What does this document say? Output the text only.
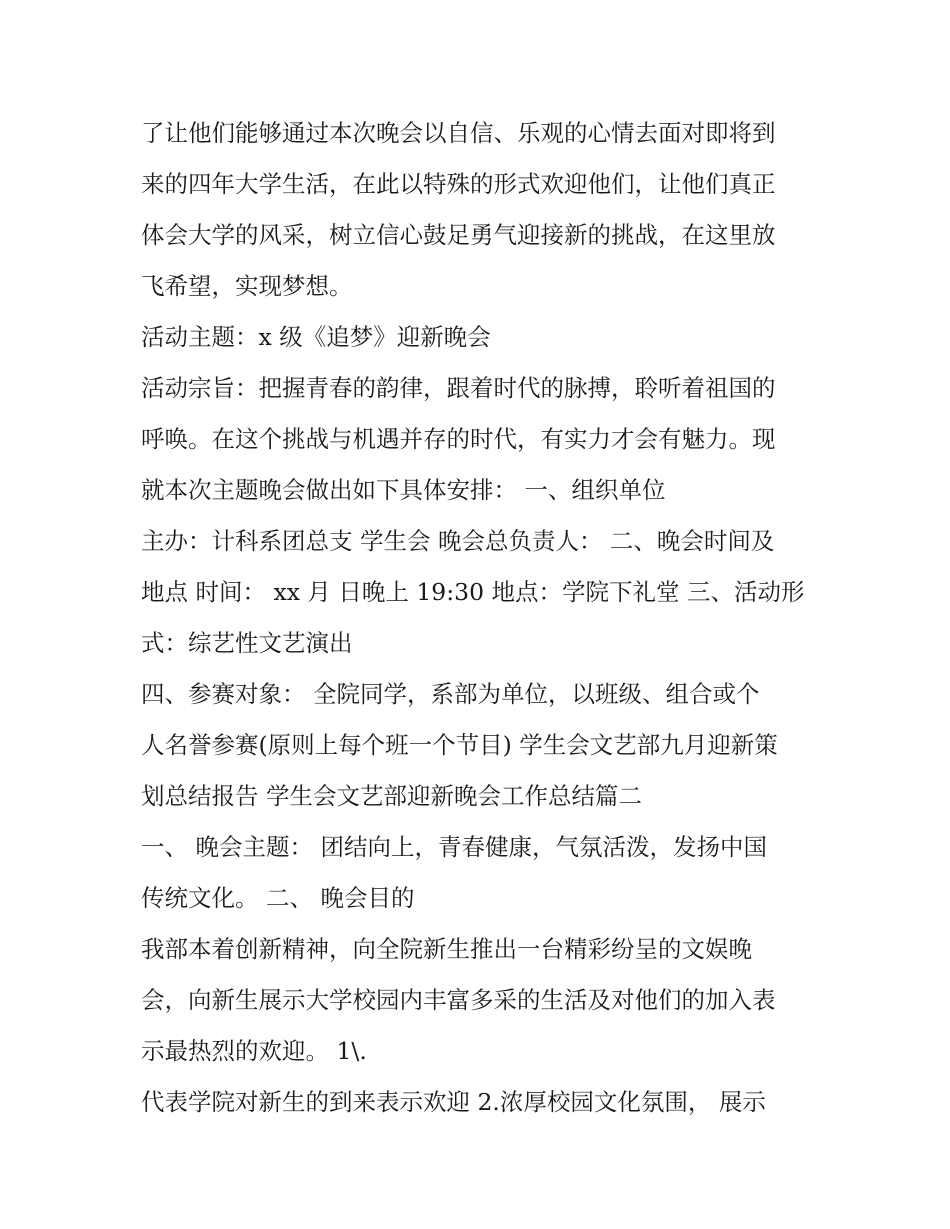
了让他们能够通过本次晚会以自信、乐观的心情去面对即将到
来的四年大学生活，在此以特殊的形式欢迎他们，让他们真正
体会大学的风采，树立信心鼓足勇气迎接新的挑战，在这里放
飞希望，实现梦想。
活动主题：x 级《追梦》迎新晚会
活动宗旨：把握青春的韵律，跟着时代的脉搏，聆听着祖国的
呼唤。在这个挑战与机遇并存的时代，有实力才会有魅力。现
就本次主题晚会做出如下具体安排： 一、组织单位
主办：计科系团总支 学生会 晚会总负责人： 二、晚会时间及
地点 时间： xx 月 日晚上 19:30 地点：学院下礼堂 三、活动形
式：综艺性文艺演出
四、参赛对象： 全院同学，系部为单位，以班级、组合或个
人名誉参赛(原则上每个班一个节目) 学生会文艺部九月迎新策
划总结报告 学生会文艺部迎新晚会工作总结篇二
一、 晚会主题： 团结向上，青春健康，气氛活泼，发扬中国
传统文化。 二、 晚会目的
我部本着创新精神，向全院新生推出一台精彩纷呈的文娱晚
会，向新生展示大学校园内丰富多采的生活及对他们的加入表
示最热烈的欢迎。 1\.
代表学院对新生的到来表示欢迎 2.浓厚校园文化氛围， 展示
